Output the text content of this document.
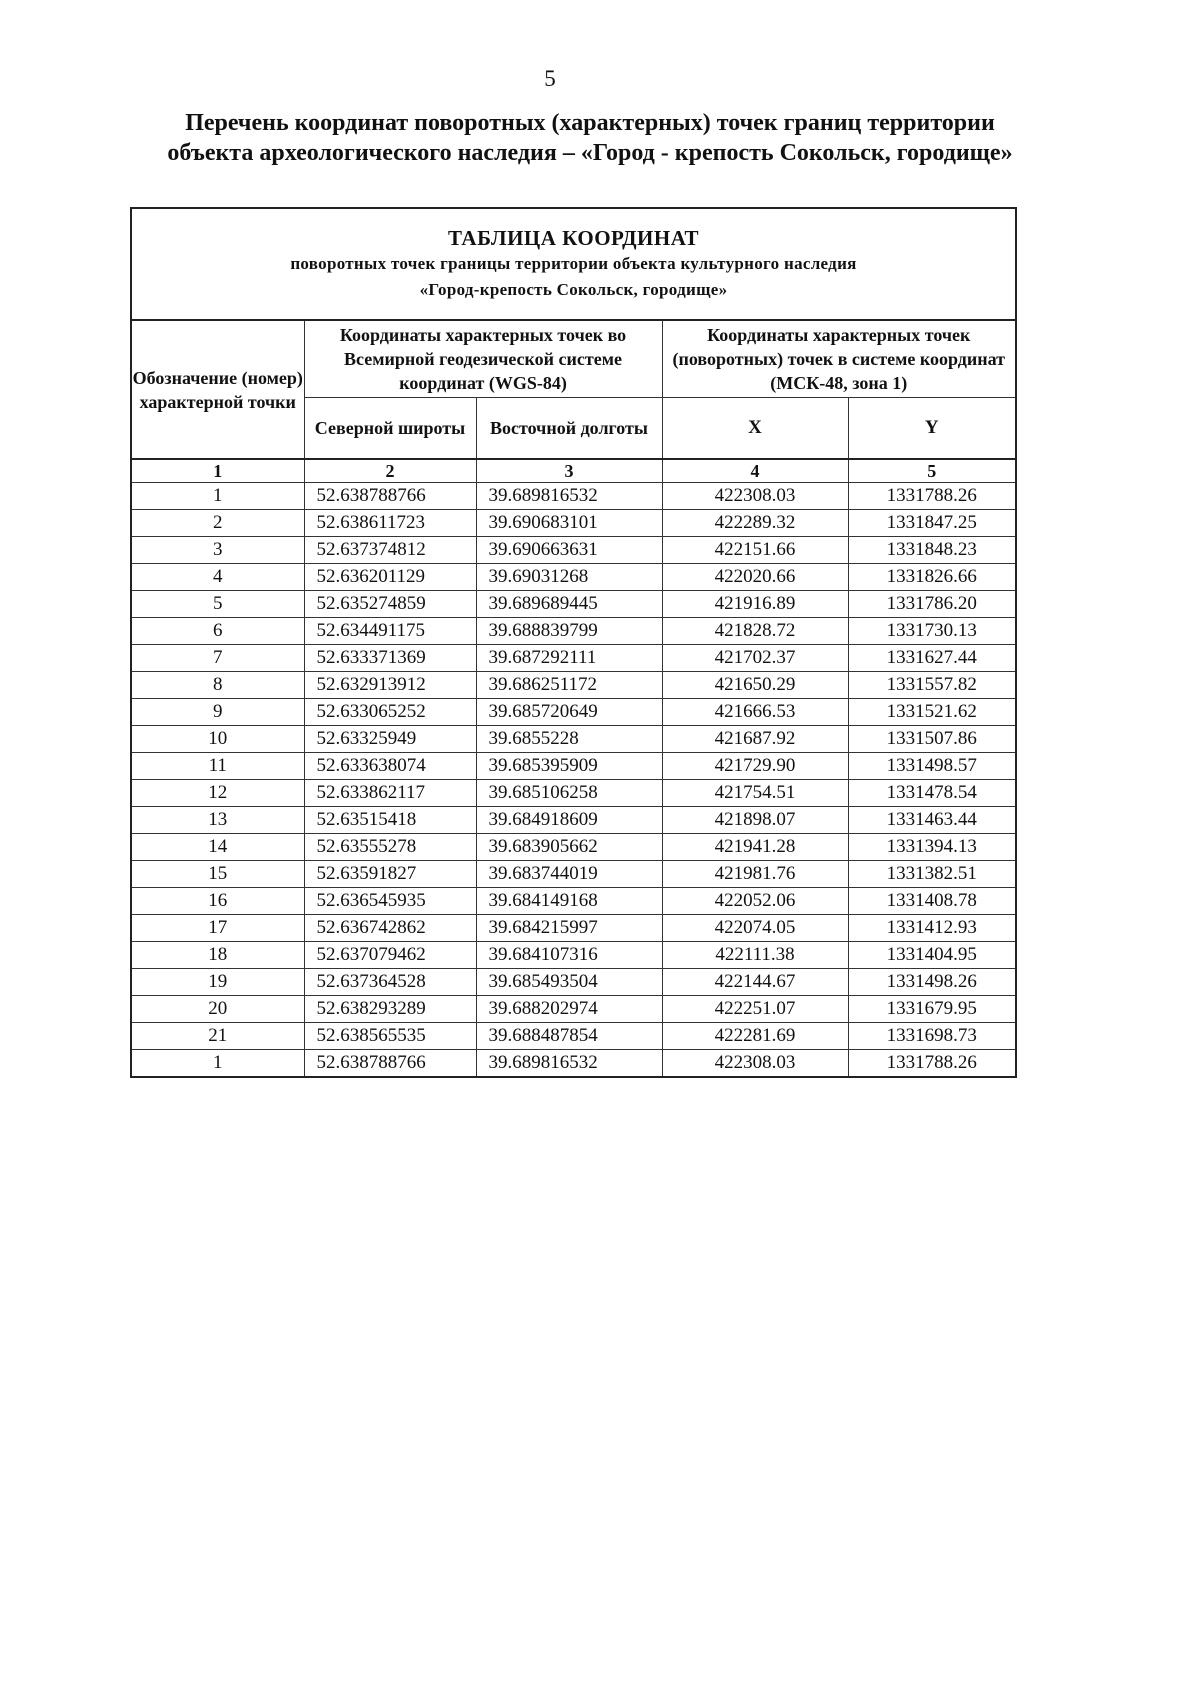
5
Перечень координат поворотных (характерных) точек границ территории
объекта археологического наследия – «Город - крепость Сокольск, городище»
ТАБЛИЦА КООРДИНАТ
поворотных точек границы территории объекта культурного наследия
«Город-крепость Сокольск, городище»				

Обозначение (номер) характерной точки	Координаты характерных точек во Всемирной геодезической системе координат (WGS-84)		Координаты характерных точек (поворотных) точек в системе координат (МСК-48, зона 1)	
	Северной широты	Восточной долготы	X	Y
1	2	3	4	5
1	52.638788766	39.689816532	422308.03	1331788.26
2	52.638611723	39.690683101	422289.32	1331847.25
3	52.637374812	39.690663631	422151.66	1331848.23
4	52.636201129	39.69031268	422020.66	1331826.66
5	52.635274859	39.689689445	421916.89	1331786.20
6	52.634491175	39.688839799	421828.72	1331730.13
7	52.633371369	39.687292111	421702.37	1331627.44
8	52.632913912	39.686251172	421650.29	1331557.82
9	52.633065252	39.685720649	421666.53	1331521.62
10	52.63325949	39.6855228	421687.92	1331507.86
11	52.633638074	39.685395909	421729.90	1331498.57
12	52.633862117	39.685106258	421754.51	1331478.54
13	52.63515418	39.684918609	421898.07	1331463.44
14	52.63555278	39.683905662	421941.28	1331394.13
15	52.63591827	39.683744019	421981.76	1331382.51
16	52.636545935	39.684149168	422052.06	1331408.78
17	52.636742862	39.684215997	422074.05	1331412.93
18	52.637079462	39.684107316	422111.38	1331404.95
19	52.637364528	39.685493504	422144.67	1331498.26
20	52.638293289	39.688202974	422251.07	1331679.95
21	52.638565535	39.688487854	422281.69	1331698.73
1	52.638788766	39.689816532	422308.03	1331788.26
